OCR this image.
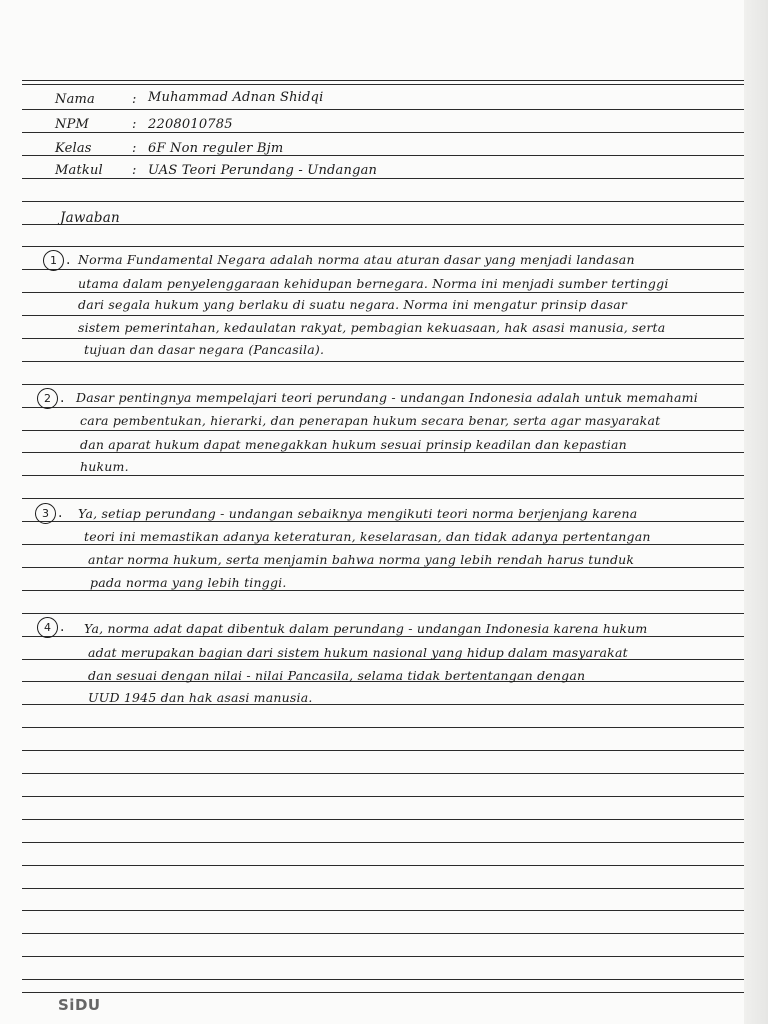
Nama	: Muhammad Adnan Shidqi
NPM	: 2208010785
Kelas	: 6F Non reguler Bjm
Matkul : UAS Teori Perundang - Undangan
Jawaban
1 . Norma Fundamental Negara adalah norma atau aturan dasar yang menjadi landasan
utama dalam penyelenggaraan kehidupan bernegara. Norma ini menjadi sumber tertinggi
dari segala hukum yang berlaku di suatu negara. Norma ini mengatur prinsip dasar
sistem pemerintahan, kedaulatan rakyat, pembagian kekuasaan, hak asasi manusia, serta
tujuan dan dasar negara (Pancasila).
2 . Dasar pentingnya mempelajari teori perundang - undangan Indonesia adalah untuk memahami
cara pembentukan, hierarki, dan penerapan hukum secara benar, serta agar masyarakat
dan aparat hukum dapat menegakkan hukum sesuai prinsip keadilan dan kepastian
hukum.
3 . Ya, setiap perundang - undangan sebaiknya mengikuti teori norma berjenjang karena
teori ini memastikan adanya keteraturan, keselarasan, dan tidak adanya pertentangan
antar norma hukum, serta menjamin bahwa norma yang lebih rendah harus tunduk
pada norma yang lebih tinggi.
4 . Ya, norma adat dapat dibentuk dalam perundang - undangan Indonesia karena hukum
adat merupakan bagian dari sistem hukum nasional yang hidup dalam masyarakat
dan sesuai dengan nilai - nilai Pancasila, selama tidak bertentangan dengan
UUD 1945 dan hak asasi manusia.
SiDU
